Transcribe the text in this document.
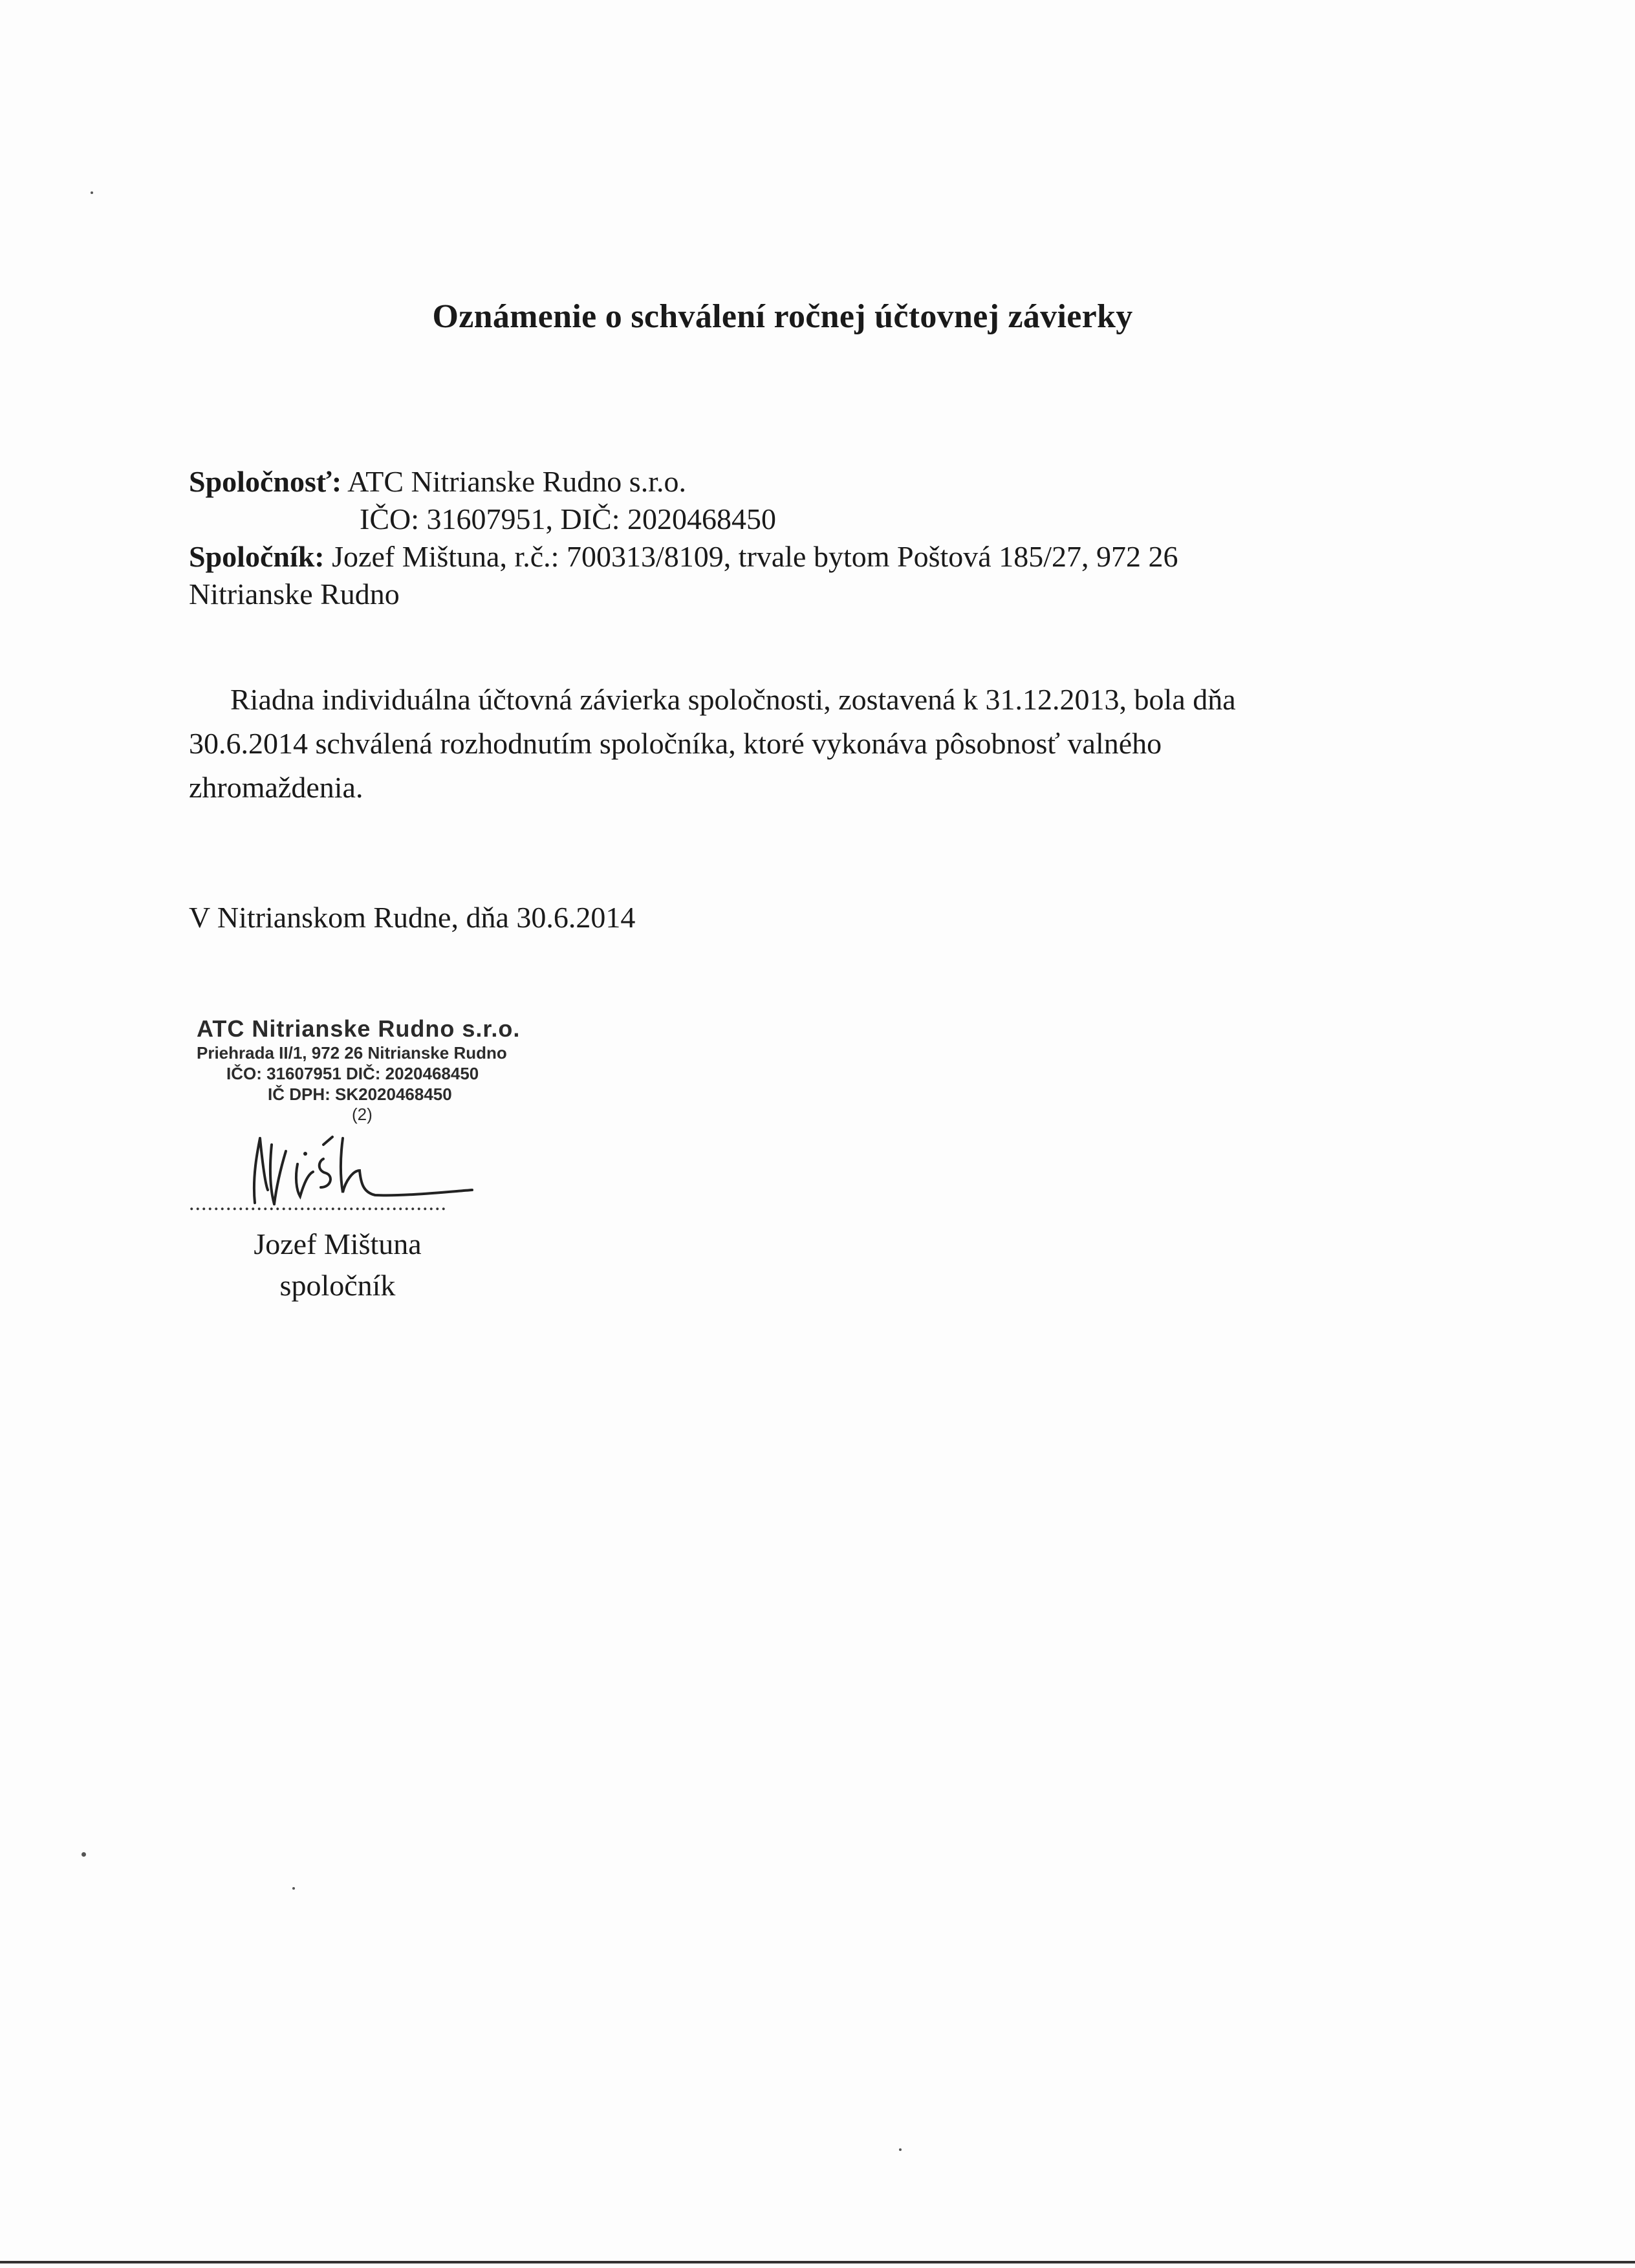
Oznámenie o schválení ročnej účtovnej závierky
Spoločnosť: ATC Nitrianske Rudno s.r.o.
IČO: 31607951, DIČ: 2020468450
Spoločník: Jozef Mištuna, r.č.: 700313/8109, trvale bytom Poštová 185/27, 972 26
Nitrianske Rudno
Riadna individuálna účtovná závierka spoločnosti, zostavená k 31.12.2013, bola dňa 30.6.2014 schválená rozhodnutím spoločníka, ktoré vykonáva pôsobnosť valného zhromaždenia.
V Nitrianskom Rudne, dňa 30.6.2014
ATC Nitrianske Rudno s.r.o.
Priehrada II/1, 972 26 Nitrianske Rudno
IČO: 31607951 DIČ: 2020468450
IČ DPH: SK2020468450
(2)
..........................................
Jozef Mištuna
spoločník
